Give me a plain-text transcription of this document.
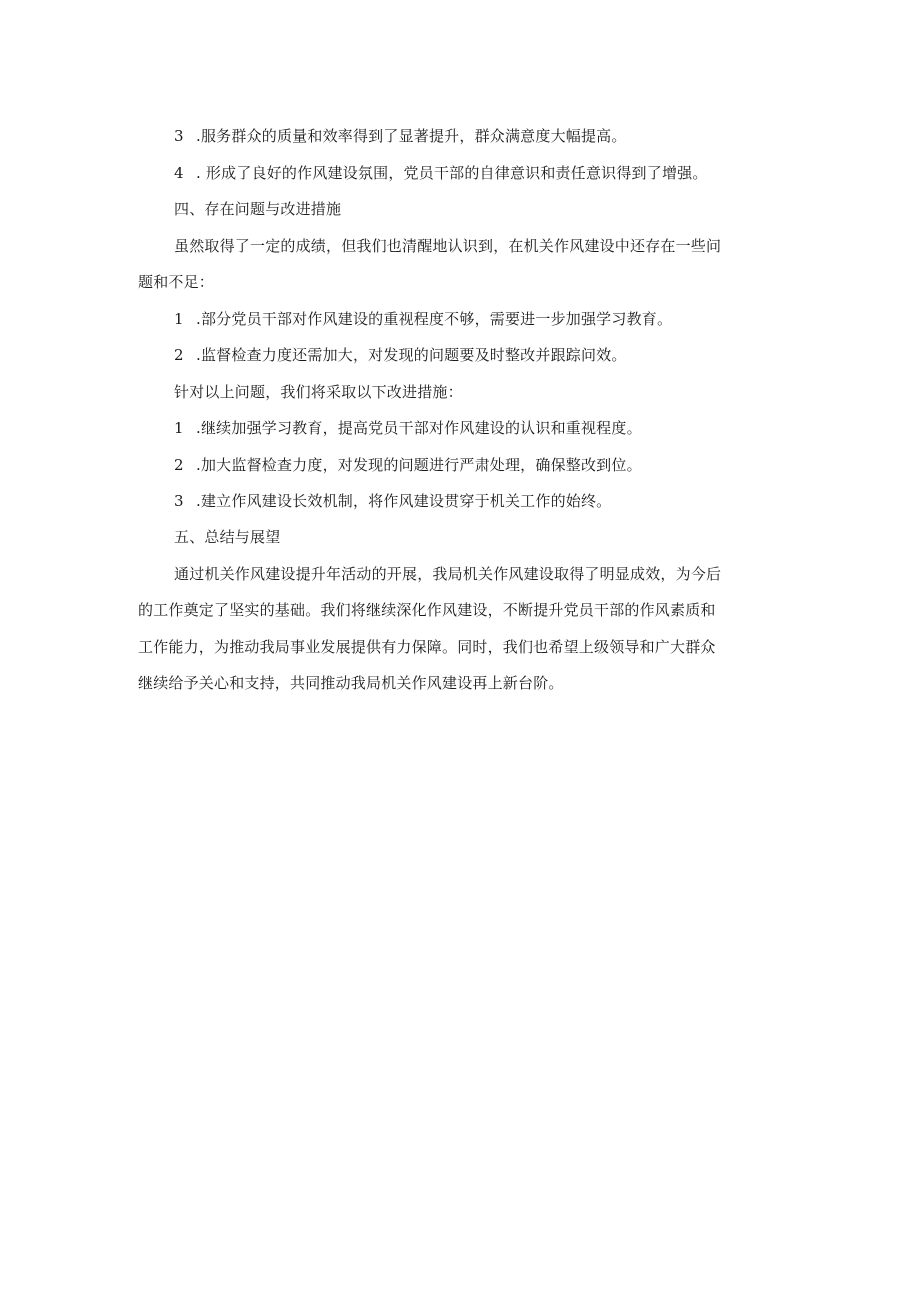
3 .服务群众的质量和效率得到了显著提升，群众满意度大幅提高。
4 . 形成了良好的作风建设氛围，党员干部的自律意识和责任意识得到了增强。
四、存在问题与改进措施
虽然取得了一定的成绩，但我们也清醒地认识到，在机关作风建设中还存在一些问
题和不足：
1 .部分党员干部对作风建设的重视程度不够，需要进一步加强学习教育。
2 .监督检查力度还需加大，对发现的问题要及时整改并跟踪问效。
针对以上问题，我们将采取以下改进措施：
1 .继续加强学习教育，提高党员干部对作风建设的认识和重视程度。
2 .加大监督检查力度，对发现的问题进行严肃处理，确保整改到位。
3 .建立作风建设长效机制，将作风建设贯穿于机关工作的始终。
五、总结与展望
通过机关作风建设提升年活动的开展，我局机关作风建设取得了明显成效，为今后
的工作奠定了坚实的基础。我们将继续深化作风建设，不断提升党员干部的作风素质和
工作能力，为推动我局事业发展提供有力保障。同时，我们也希望上级领导和广大群众
继续给予关心和支持，共同推动我局机关作风建设再上新台阶。
